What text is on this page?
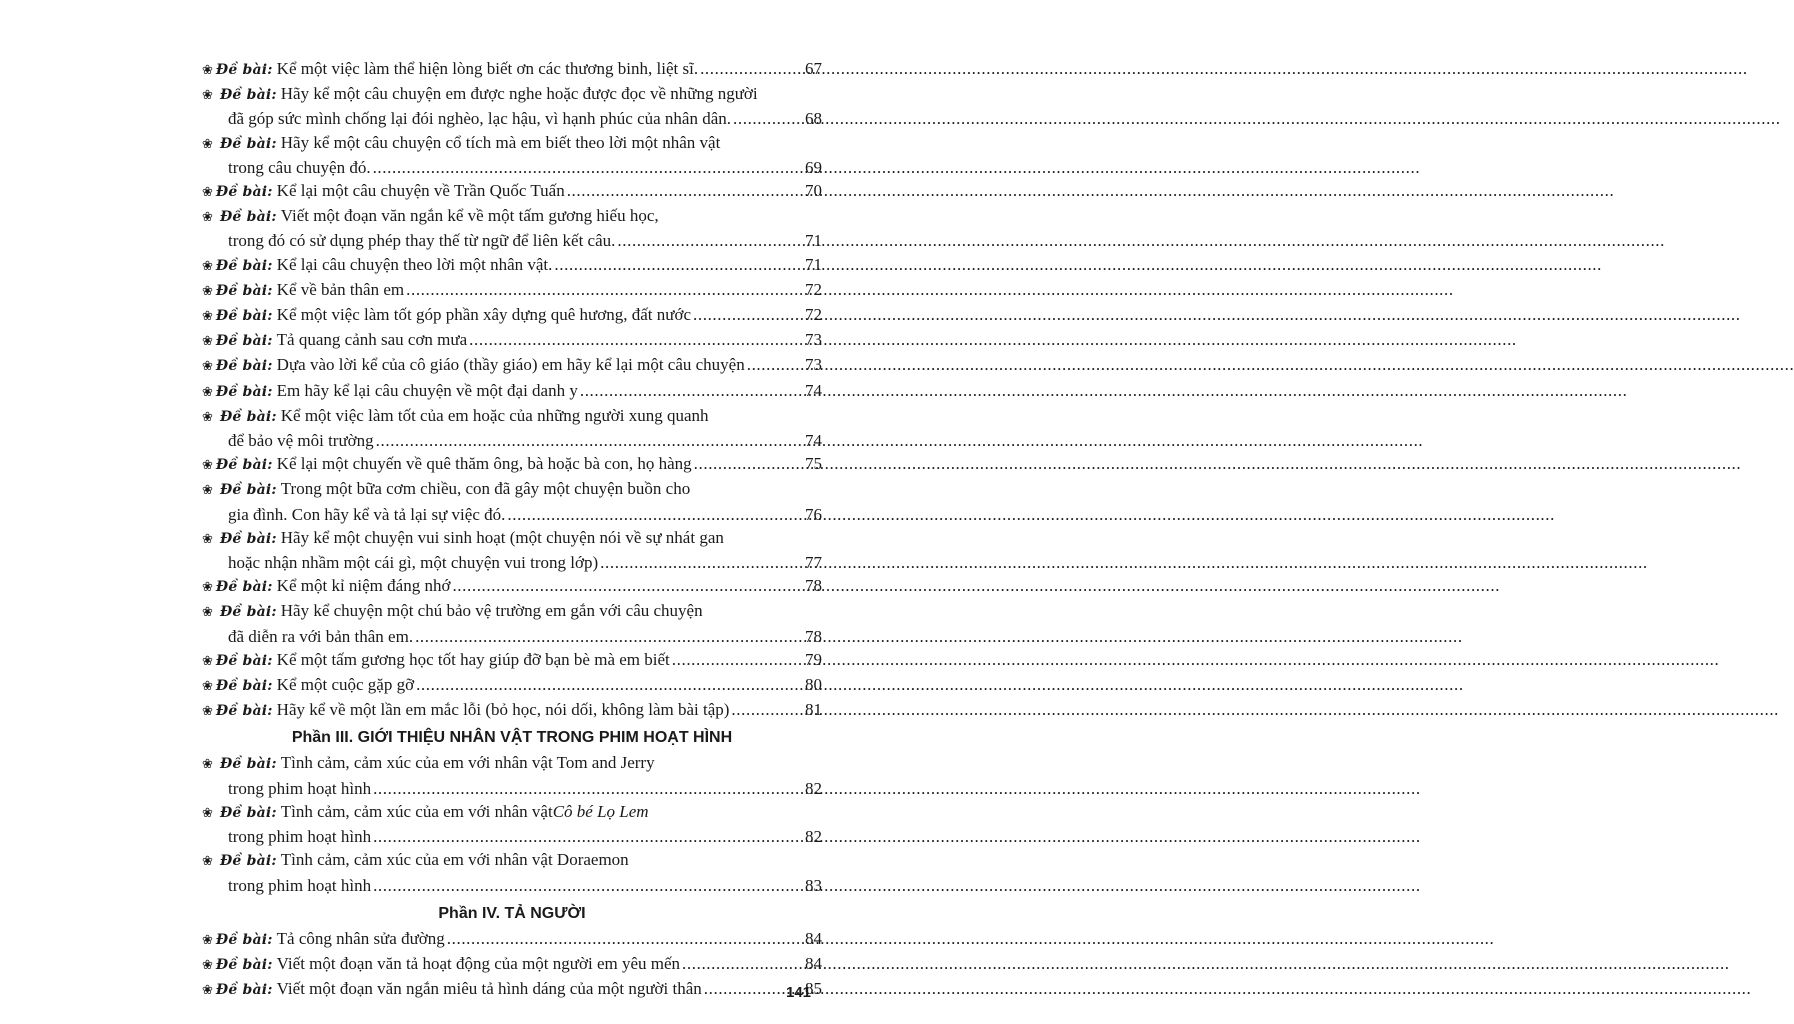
❀ Đề bài: Kể một việc làm thể hiện lòng biết ơn các thương binh, liệt sĩ. .....	67
❀ Đề bài: Hãy kể một câu chuyện em được nghe hoặc được đọc về những người
đã góp sức mình chống lại đói nghèo, lạc hậu, vì hạnh phúc của nhân dân. .....	68
❀ Đề bài: Hãy kể một câu chuyện cổ tích mà em biết theo lời một nhân vật
trong câu chuyện đó. .....	69
❀ Đề bài: Kể lại một câu chuyện về Trần Quốc Tuấn .....	70
❀ Đề bài: Viết một đoạn văn ngắn kể về một tấm gương hiếu học,
trong đó có sử dụng phép thay thế từ ngữ để liên kết câu. .....	71
❀ Đề bài: Kể lại câu chuyện theo lời một nhân vật. .....	71
❀ Đề bài: Kể về bản thân em .....	72
❀ Đề bài: Kể một việc làm tốt góp phần xây dựng quê hương, đất nước .....	72
❀ Đề bài: Tả quang cảnh sau cơn mưa .....	73
❀ Đề bài: Dựa vào lời kể của cô giáo (thầy giáo) em hãy kể lại một câu chuyện .....	73
❀ Đề bài: Em hãy kể lại câu chuyện về một đại danh y .....	74
❀ Đề bài: Kể một việc làm tốt của em hoặc của những người xung quanh
để bảo vệ môi trường .....	74
❀ Đề bài: Kể lại một chuyến về quê thăm ông, bà hoặc bà con, họ hàng .....	75
❀ Đề bài: Trong một bữa cơm chiều, con đã gây một chuyện buồn cho
gia đình. Con hãy kể và tả lại sự việc đó. .....	76
❀ Đề bài: Hãy kể một chuyện vui sinh hoạt (một chuyện nói về sự nhát gan
hoặc nhận nhầm một cái gì, một chuyện vui trong lớp) .....	77
❀ Đề bài: Kể một kỉ niệm đáng nhớ .....	78
❀ Đề bài: Hãy kể chuyện một chú bảo vệ trường em gắn với câu chuyện
đã diễn ra với bản thân em. .....	78
❀ Đề bài: Kể một tấm gương học tốt hay giúp đỡ bạn bè mà em biết .....	79
❀ Đề bài: Kể một cuộc gặp gỡ .....	80
❀ Đề bài: Hãy kể về một lần em mắc lỗi (bỏ học, nói dối, không làm bài tập) .....	81
Phần III. GIỚI THIỆU NHÂN VẬT TRONG PHIM HOẠT HÌNH
❀ Đề bài: Tình cảm, cảm xúc của em với nhân vật Tom and Jerry
trong phim hoạt hình .....	82
❀ Đề bài: Tình cảm, cảm xúc của em với nhân vật Cô bé Lọ Lem
trong phim hoạt hình .....	82
❀ Đề bài: Tình cảm, cảm xúc của em với nhân vật Doraemon
trong phim hoạt hình .....	83
Phần IV. TẢ NGƯỜI
❀ Đề bài: Tả công nhân sửa đường .....	84
❀ Đề bài: Viết một đoạn văn tả hoạt động của một người em yêu mến .....	84
❀ Đề bài: Viết một đoạn văn ngắn miêu tả hình dáng của một người thân .....	85
141
